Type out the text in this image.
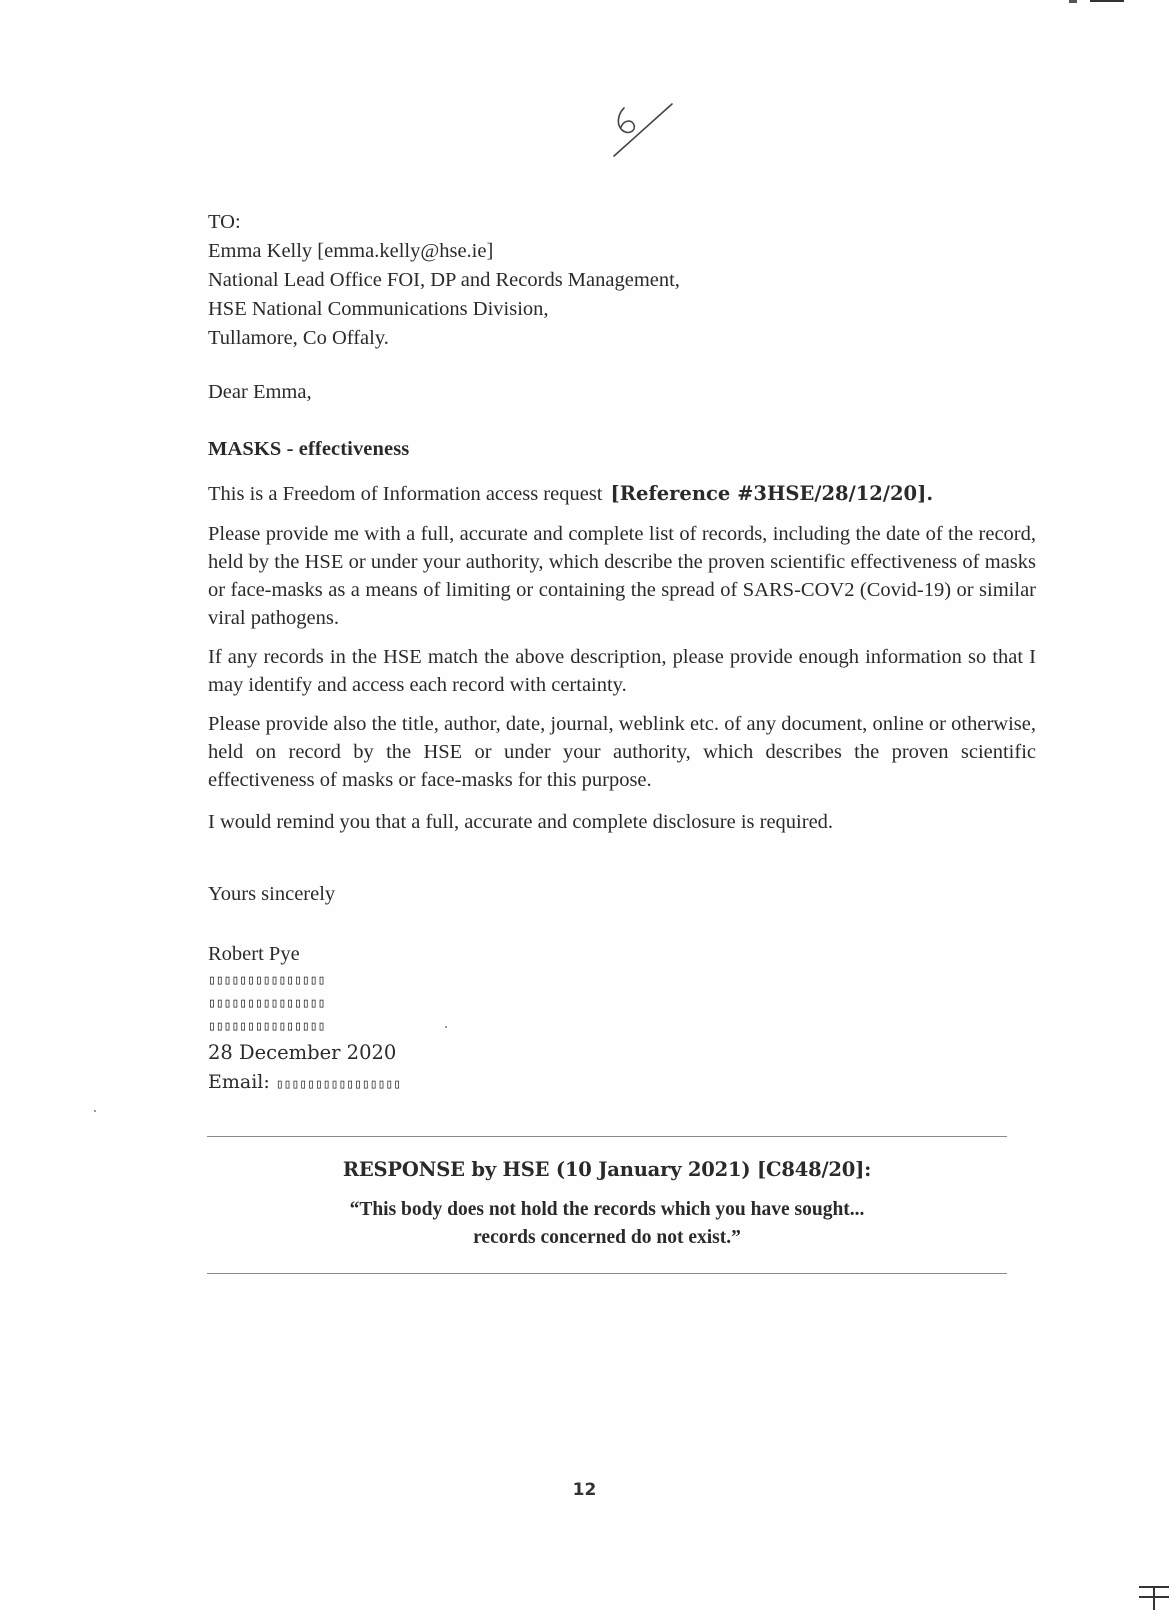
TO:
Emma Kelly [emma.kelly@hse.ie]
National Lead Office FOI, DP and Records Management,
HSE National Communications Division,
Tullamore, Co Offaly.
Dear Emma,
MASKS - effectiveness
This is a Freedom of Information access request [Reference #3HSE/28/12/20].
Please provide me with a full, accurate and complete list of records, including the date of the record, held by the HSE or under your authority, which describe the proven scientific effectiveness of masks or face-masks as a means of limiting or containing the spread of SARS-COV2 (Covid-19) or similar viral pathogens.
If any records in the HSE match the above description, please provide enough information so that I may identify and access each record with certainty.
Please provide also the title, author, date, journal, weblink etc. of any document, online or otherwise, held on record by the HSE or under your authority, which describes the proven scientific effectiveness of masks or face-masks for this purpose.
I would remind you that a full, accurate and complete disclosure is required.
Yours sincerely
Robert Pye
▯▯▯▯▯▯▯▯▯▯▯▯▯▯▯
▯▯▯▯▯▯▯▯▯▯▯▯▯▯▯
▯▯▯▯▯▯▯▯▯▯▯▯▯▯▯
28 December 2020
Email: ▯▯▯▯▯▯▯▯▯▯▯▯▯▯▯▯
RESPONSE by HSE (10 January 2021) [C848/20]:
“This body does not hold the records which you have sought...
records concerned do not exist.”
12
